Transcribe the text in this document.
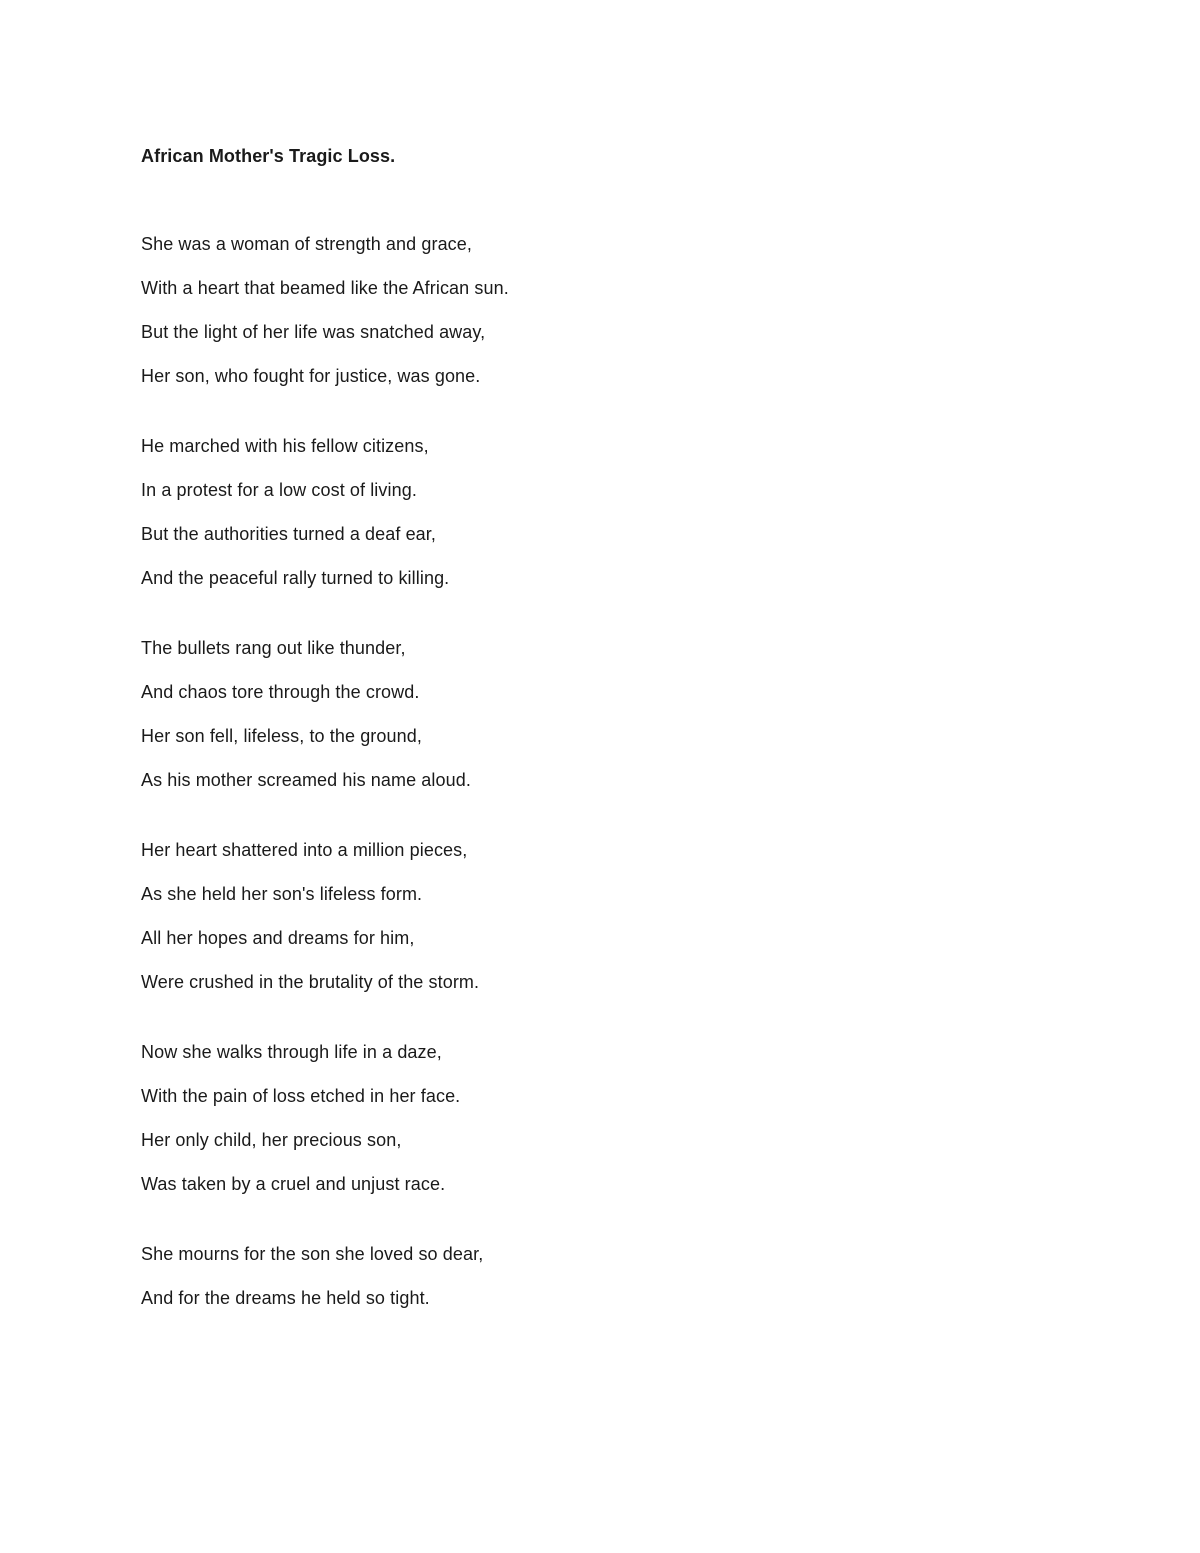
African Mother's Tragic Loss.

She was a woman of strength and grace,

With a heart that beamed like the African sun.

But the light of her life was snatched away,

Her son, who fought for justice, was gone.

He marched with his fellow citizens,

In a protest for a low cost of living.

But the authorities turned a deaf ear,

And the peaceful rally turned to killing.

The bullets rang out like thunder,

And chaos tore through the crowd.

Her son fell, lifeless, to the ground,

As his mother screamed his name aloud.

Her heart shattered into a million pieces,

As she held her son's lifeless form.

All her hopes and dreams for him,

Were crushed in the brutality of the storm.

Now she walks through life in a daze,

With the pain of loss etched in her face.

Her only child, her precious son,

Was taken by a cruel and unjust race.

She mourns for the son she loved so dear,

And for the dreams he held so tight.
